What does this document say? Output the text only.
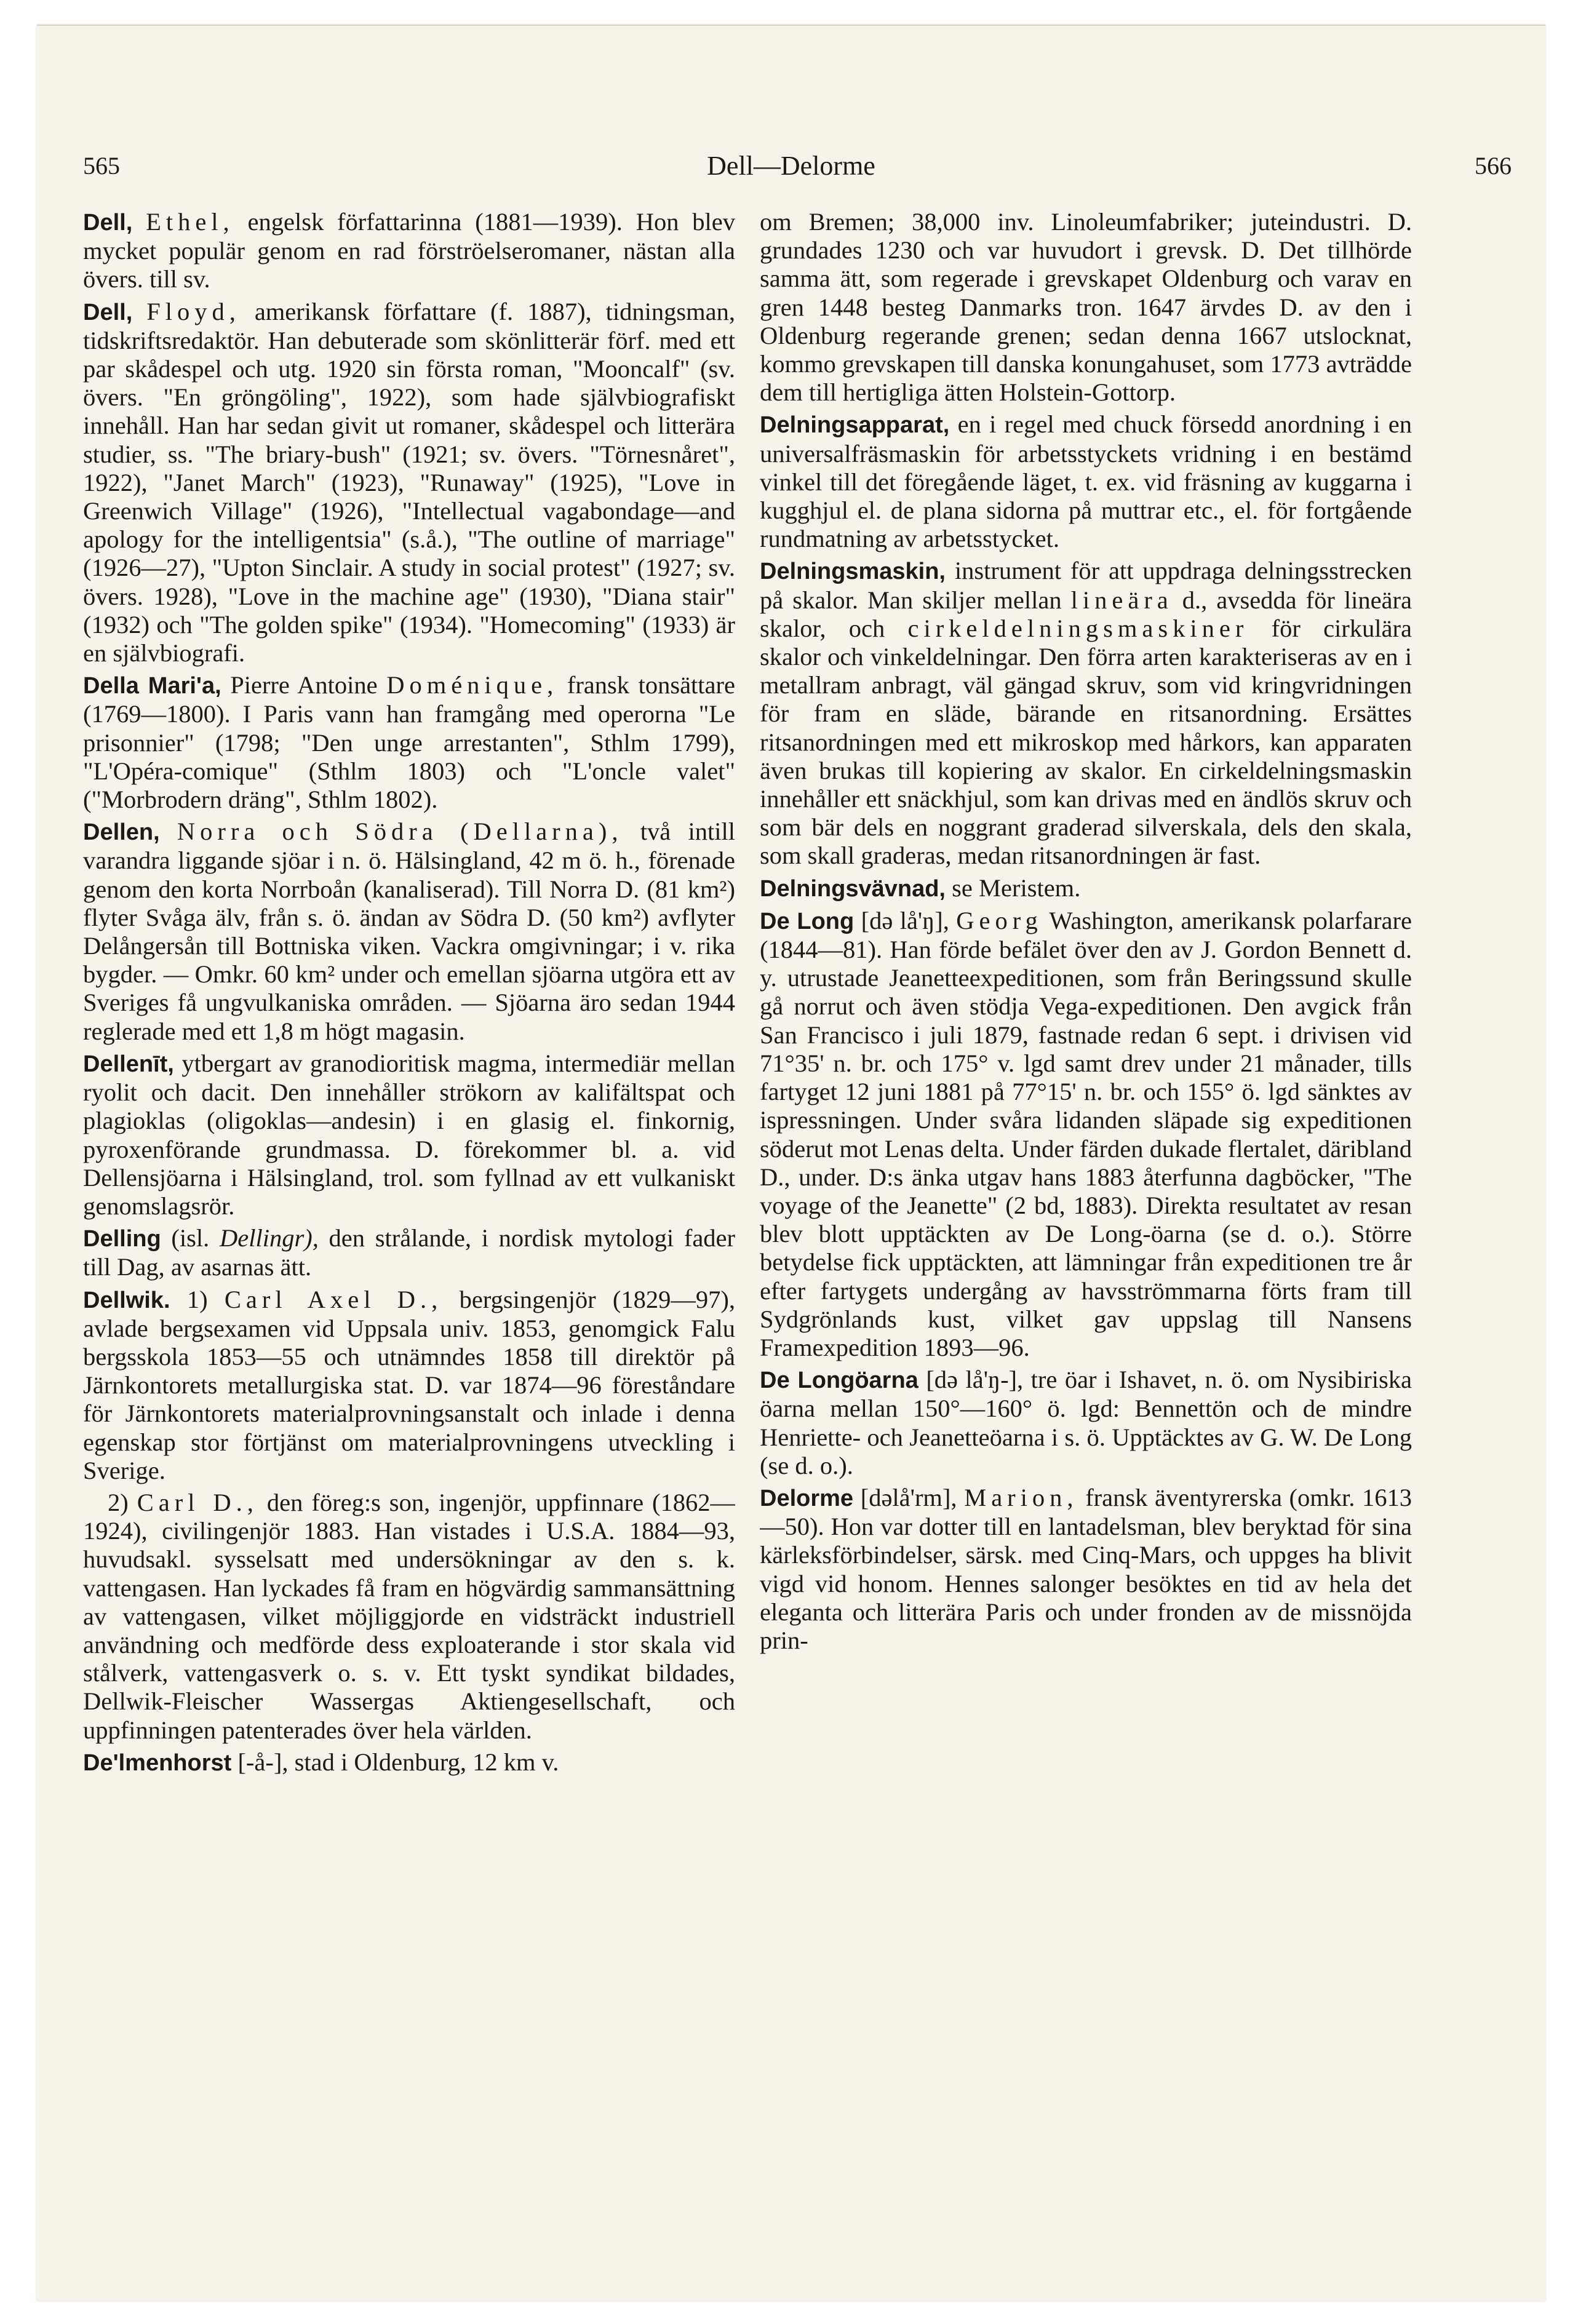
565	Dell—Delorme	566

Dell, Ethel, engelsk författarinna (1881—1939). Hon blev mycket populär genom en rad förströelseromaner, nästan alla övers. till sv.

Dell, Floyd, amerikansk författare (f. 1887), tidningsman, tidskriftsredaktör. Han debuterade som skönlitterär förf. med ett par skådespel och utg. 1920 sin första roman, "Mooncalf" (sv. övers. "En gröngöling", 1922), som hade självbiografiskt innehåll. Han har sedan givit ut romaner, skådespel och litterära studier, ss. "The briary-bush" (1921; sv. övers. "Törnesnåret", 1922), "Janet March" (1923), "Runaway" (1925), "Love in Greenwich Village" (1926), "Intellectual vagabondage—and apology for the intelligentsia" (s.å.), "The outline of marriage" (1926—27), "Upton Sinclair. A study in social protest" (1927; sv. övers. 1928), "Love in the machine age" (1930), "Diana stair" (1932) och "The golden spike" (1934). "Homecoming" (1933) är en självbiografi.

Della Mari'a, Pierre Antoine Doménique, fransk tonsättare (1769—1800). I Paris vann han framgång med operorna "Le prisonnier" (1798; "Den unge arrestanten", Sthlm 1799), "L'Opéra-comique" (Sthlm 1803) och "L'oncle valet" ("Morbrodern dräng", Sthlm 1802).

Dellen, Norra och Södra (Dellarna), två intill varandra liggande sjöar i n. ö. Hälsingland, 42 m ö. h., förenade genom den korta Norrboån (kanaliserad). Till Norra D. (81 km²) flyter Svåga älv, från s. ö. ändan av Södra D. (50 km²) avflyter Delångersån till Bottniska viken. Vackra omgivningar; i v. rika bygder. — Omkr. 60 km² under och emellan sjöarna utgöra ett av Sveriges få ungvulkaniska områden. — Sjöarna äro sedan 1944 reglerade med ett 1,8 m högt magasin.

Dellenīt, ytbergart av granodioritisk magma, intermediär mellan ryolit och dacit. Den innehåller strökorn av kalifältspat och plagioklas (oligoklas—andesin) i en glasig el. finkornig, pyroxenförande grundmassa. D. förekommer bl. a. vid Dellensjöarna i Hälsingland, trol. som fyllnad av ett vulkaniskt genomslagsrör.

Delling (isl. Dellingr), den strålande, i nordisk mytologi fader till Dag, av asarnas ätt.

Dellwik. 1) Carl Axel D., bergsingenjör (1829—97), avlade bergsexamen vid Uppsala univ. 1853, genomgick Falu bergsskola 1853—55 och utnämndes 1858 till direktör på Järnkontorets metallurgiska stat. D. var 1874—96 föreståndare för Järnkontorets materialprovningsanstalt och inlade i denna egenskap stor förtjänst om materialprovningens utveckling i Sverige.

2) Carl D., den föreg:s son, ingenjör, uppfinnare (1862—1924), civilingenjör 1883. Han vistades i U.S.A. 1884—93, huvudsakl. sysselsatt med undersökningar av den s. k. vattengasen. Han lyckades få fram en högvärdig sammansättning av vattengasen, vilket möjliggjorde en vidsträckt industriell användning och medförde dess exploaterande i stor skala vid stålverk, vattengasverk o. s. v. Ett tyskt syndikat bildades, Dellwik-Fleischer Wassergas Aktiengesellschaft, och uppfinningen patenterades över hela världen.

De'lmenhorst [-å-], stad i Oldenburg, 12 km v.

om Bremen; 38,000 inv. Linoleumfabriker; juteindustri. D. grundades 1230 och var huvudort i grevsk. D. Det tillhörde samma ätt, som regerade i grevskapet Oldenburg och varav en gren 1448 besteg Danmarks tron. 1647 ärvdes D. av den i Oldenburg regerande grenen; sedan denna 1667 utslocknat, kommo grevskapen till danska konungahuset, som 1773 avträdde dem till hertigliga ätten Holstein-Gottorp.

Delningsapparat, en i regel med chuck försedd anordning i en universalfräsmaskin för arbetsstyckets vridning i en bestämd vinkel till det föregående läget, t. ex. vid fräsning av kuggarna i kugghjul el. de plana sidorna på muttrar etc., el. för fortgående rundmatning av arbetsstycket.

Delningsmaskin, instrument för att uppdraga delningsstrecken på skalor. Man skiljer mellan lineära d., avsedda för lineära skalor, och cirkeldelningsmaskiner för cirkulära skalor och vinkeldelningar. Den förra arten karakteriseras av en i metallram anbragt, väl gängad skruv, som vid kringvridningen för fram en släde, bärande en ritsanordning. Ersättes ritsanordningen med ett mikroskop med hårkors, kan apparaten även brukas till kopiering av skalor. En cirkeldelningsmaskin innehåller ett snäckhjul, som kan drivas med en ändlös skruv och som bär dels en noggrant graderad silverskala, dels den skala, som skall graderas, medan ritsanordningen är fast.

Delningsvävnad, se Meristem.

De Long [də lå'ŋ], Georg Washington, amerikansk polarfarare (1844—81). Han förde befälet över den av J. Gordon Bennett d. y. utrustade Jeanetteexpeditionen, som från Beringssund skulle gå norrut och även stödja Vega-expeditionen. Den avgick från San Francisco i juli 1879, fastnade redan 6 sept. i drivisen vid 71°35' n. br. och 175° v. lgd samt drev under 21 månader, tills fartyget 12 juni 1881 på 77°15' n. br. och 155° ö. lgd sänktes av ispressningen. Under svåra lidanden släpade sig expeditionen söderut mot Lenas delta. Under färden dukade flertalet, däribland D., under. D:s änka utgav hans 1883 återfunna dagböcker, "The voyage of the Jeanette" (2 bd, 1883). Direkta resultatet av resan blev blott upptäckten av De Long-öarna (se d. o.). Större betydelse fick upptäckten, att lämningar från expeditionen tre år efter fartygets undergång av havsströmmarna förts fram till Sydgrönlands kust, vilket gav uppslag till Nansens Framexpedition 1893—96.

De Longöarna [də lå'ŋ-], tre öar i Ishavet, n. ö. om Nysibiriska öarna mellan 150°—160° ö. lgd: Bennettön och de mindre Henriette- och Jeanetteöarna i s. ö. Upptäcktes av G. W. De Long (se d. o.).

Delorme [dəlå'rm], Marion, fransk äventyrerska (omkr. 1613—50). Hon var dotter till en lantadelsman, blev beryktad för sina kärleksförbindelser, särsk. med Cinq-Mars, och uppges ha blivit vigd vid honom. Hennes salonger besöktes en tid av hela det eleganta och litterära Paris och under fronden av de missnöjda prin-
